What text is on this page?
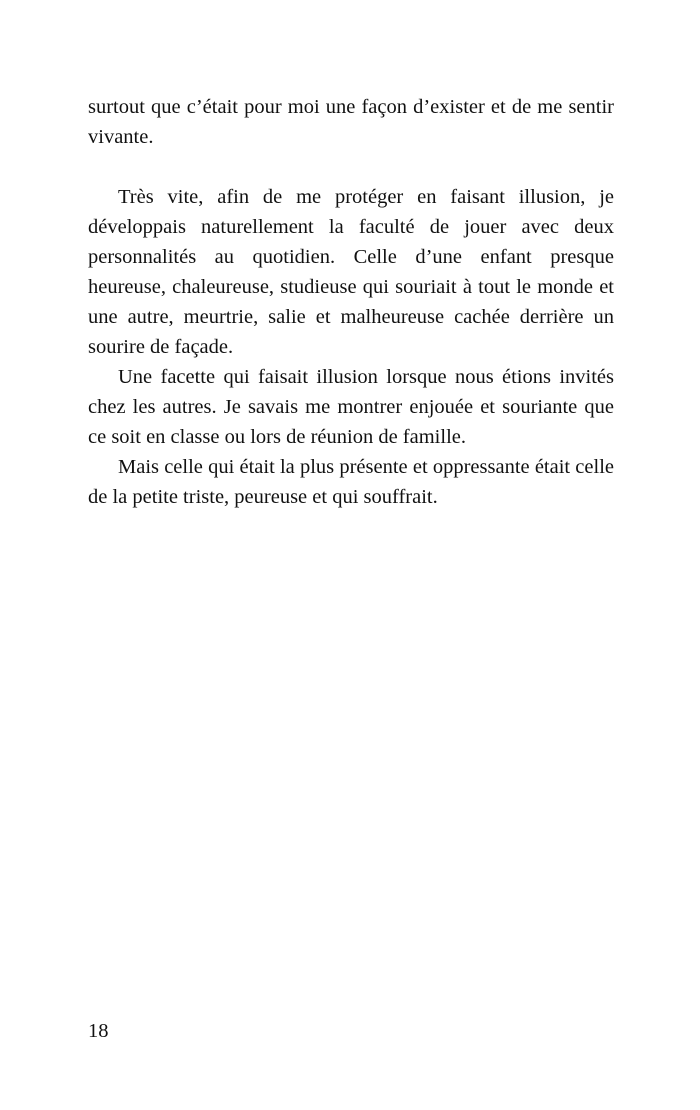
surtout que c’était pour moi une façon d’exister et de me sentir vivante.

Très vite, afin de me protéger en faisant illusion, je développais naturellement la faculté de jouer avec deux personnalités au quotidien. Celle d’une enfant presque heureuse, chaleureuse, studieuse qui souriait à tout le monde et une autre, meurtrie, salie et malheureuse cachée derrière un sourire de façade.

Une facette qui faisait illusion lorsque nous étions invités chez les autres. Je savais me montrer enjouée et souriante que ce soit en classe ou lors de réunion de famille.

Mais celle qui était la plus présente et oppressante était celle de la petite triste, peureuse et qui souffrait.

18
